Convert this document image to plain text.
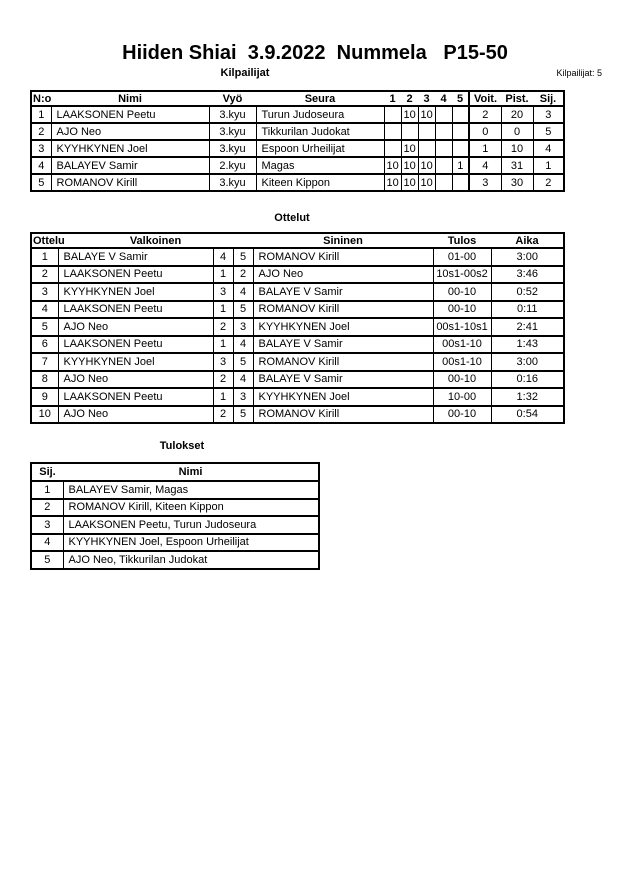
Hiiden Shiai  3.9.2022  Nummela   P15-50
Kilpailijat	Kilpailijat: 5
N:o	Nimi	Vyö	Seura	1	2	3	4	5	Voit.	Pist.	Sij.
1	LAAKSONEN Peetu	3.kyu	Turun Judoseura		10	10			2	20	3
2	AJO Neo	3.kyu	Tikkurilan Judokat						0	0	5
3	KYYHKYNEN Joel	3.kyu	Espoon Urheilijat		10				1	10	4
4	BALAYEV Samir	2.kyu	Magas	10	10	10		1	4	31	1
5	ROMANOV Kirill	3.kyu	Kiteen Kippon	10	10	10			3	30	2
Ottelut
Ottelu	Valkoinen			Sininen	Tulos	Aika
1	BALAYE V Samir	4	5	ROMANOV Kirill	01-00	3:00
2	LAAKSONEN Peetu	1	2	AJO Neo	10s1-00s2	3:46
3	KYYHKYNEN Joel	3	4	BALAYE V Samir	00-10	0:52
4	LAAKSONEN Peetu	1	5	ROMANOV Kirill	00-10	0:11
5	AJO Neo	2	3	KYYHKYNEN Joel	00s1-10s1	2:41
6	LAAKSONEN Peetu	1	4	BALAYE V Samir	00s1-10	1:43
7	KYYHKYNEN Joel	3	5	ROMANOV Kirill	00s1-10	3:00
8	AJO Neo	2	4	BALAYE V Samir	00-10	0:16
9	LAAKSONEN Peetu	1	3	KYYHKYNEN Joel	10-00	1:32
10	AJO Neo	2	5	ROMANOV Kirill	00-10	0:54
Tulokset
Sij.	Nimi
1	BALAYEV Samir, Magas
2	ROMANOV Kirill, Kiteen Kippon
3	LAAKSONEN Peetu, Turun Judoseura
4	KYYHKYNEN Joel, Espoon Urheilijat
5	AJO Neo, Tikkurilan Judokat
